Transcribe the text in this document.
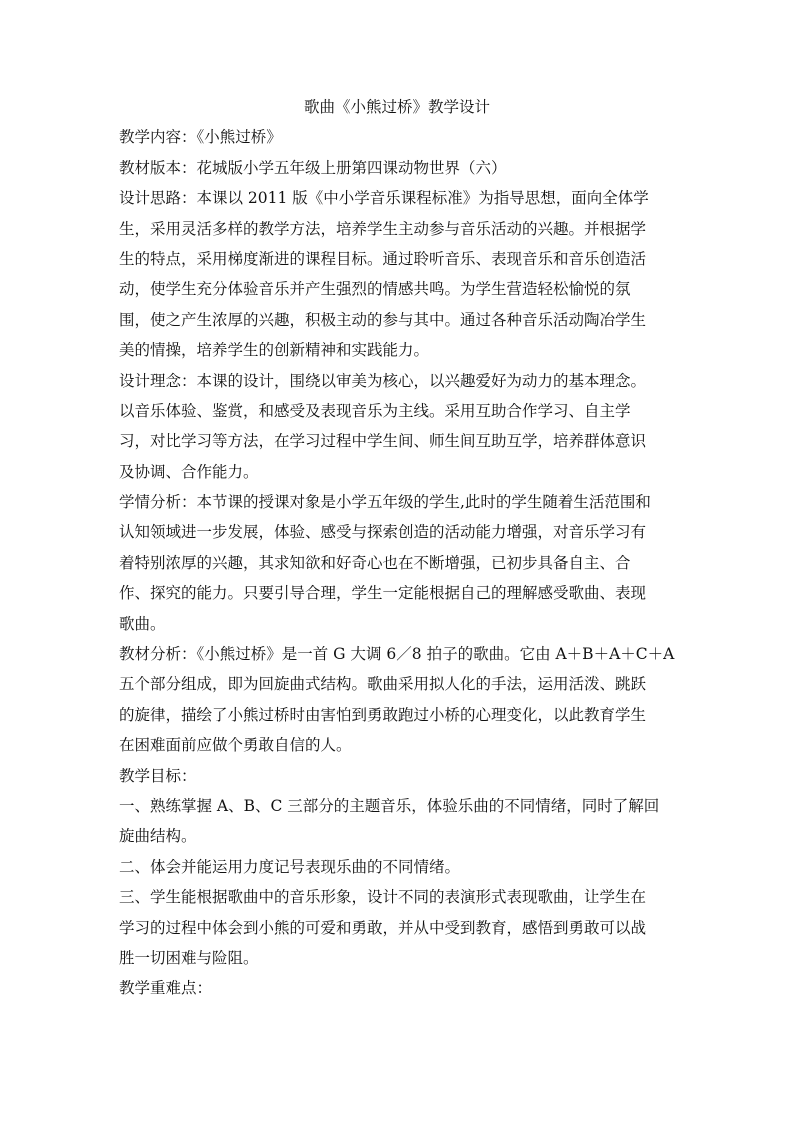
歌曲《小熊过桥》教学设计

教学内容：《小熊过桥》

教材版本：花城版小学五年级上册第四课动物世界（六）

设计思路：本课以 2011 版《中小学音乐课程标准》为指导思想，面向全体学

生，采用灵活多样的教学方法，培养学生主动参与音乐活动的兴趣。并根据学

生的特点，采用梯度渐进的课程目标。通过聆听音乐、表现音乐和音乐创造活

动，使学生充分体验音乐并产生强烈的情感共鸣。为学生营造轻松愉悦的氛

围，使之产生浓厚的兴趣，积极主动的参与其中。通过各种音乐活动陶冶学生

美的情操，培养学生的创新精神和实践能力。

设计理念：本课的设计，围绕以审美为核心，以兴趣爱好为动力的基本理念。

以音乐体验、鉴赏，和感受及表现音乐为主线。采用互助合作学习、自主学

习，对比学习等方法，在学习过程中学生间、师生间互助互学，培养群体意识

及协调、合作能力。

学情分析：本节课的授课对象是小学五年级的学生,此时的学生随着生活范围和

认知领域进一步发展，体验、感受与探索创造的活动能力增强，对音乐学习有

着特别浓厚的兴趣，其求知欲和好奇心也在不断增强，已初步具备自主、合

作、探究的能力。只要引导合理，学生一定能根据自己的理解感受歌曲、表现

歌曲。

教材分析：《小熊过桥》是一首 G 大调 6／8 拍子的歌曲。它由 A＋B＋A＋C＋A

五个部分组成，即为回旋曲式结构。歌曲采用拟人化的手法，运用活泼、跳跃

的旋律，描绘了小熊过桥时由害怕到勇敢跑过小桥的心理变化，以此教育学生

在困难面前应做个勇敢自信的人。

教学目标：

一、熟练掌握 A、B、C 三部分的主题音乐，体验乐曲的不同情绪，同时了解回

旋曲结构。

二、体会并能运用力度记号表现乐曲的不同情绪。

三、学生能根据歌曲中的音乐形象，设计不同的表演形式表现歌曲，让学生在

学习的过程中体会到小熊的可爱和勇敢，并从中受到教育，感悟到勇敢可以战

胜一切困难与险阻。

教学重难点：
